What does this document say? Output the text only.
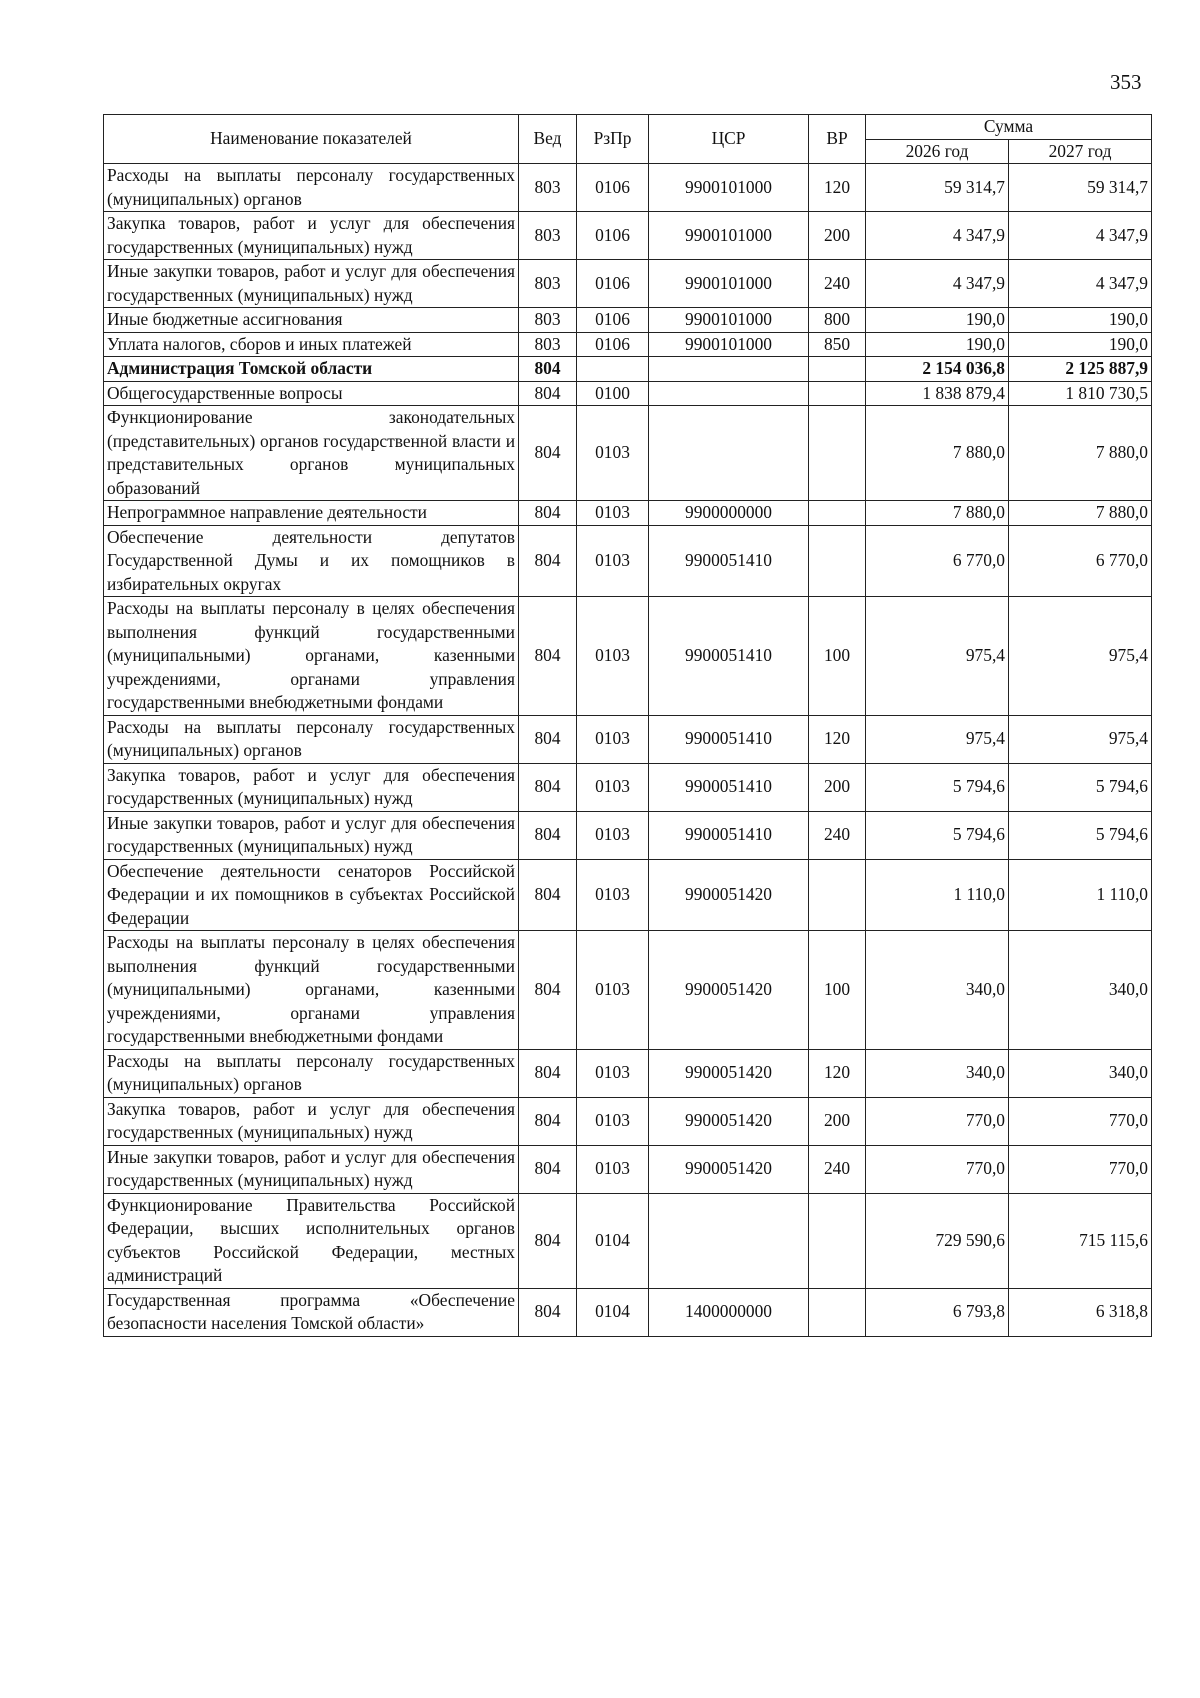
353
Наименование показателей	Вед	РзПр	ЦСР	ВР	Сумма	
					2026 год	2027 год
Расходы на выплаты персоналу государственных (муниципальных) органов	803	0106	9900101000	120	59 314,7	59 314,7
Закупка товаров, работ и услуг для обеспечения государственных (муниципальных) нужд	803	0106	9900101000	200	4 347,9	4 347,9
Иные закупки товаров, работ и услуг для обеспечения государственных (муниципальных) нужд	803	0106	9900101000	240	4 347,9	4 347,9
Иные бюджетные ассигнования	803	0106	9900101000	800	190,0	190,0
Уплата налогов, сборов и иных платежей	803	0106	9900101000	850	190,0	190,0
Администрация Томской области	804				2 154 036,8	2 125 887,9
Общегосударственные вопросы	804	0100			1 838 879,4	1 810 730,5
Функционирование законодательных (представительных) органов государственной власти и представительных органов муниципальных образований	804	0103			7 880,0	7 880,0
Непрограммное направление деятельности	804	0103	9900000000		7 880,0	7 880,0
Обеспечение деятельности депутатов Государственной Думы и их помощников в избирательных округах	804	0103	9900051410		6 770,0	6 770,0
Расходы на выплаты персоналу в целях обеспечения выполнения функций государственными (муниципальными) органами, казенными учреждениями, органами управления государственными внебюджетными фондами	804	0103	9900051410	100	975,4	975,4
Расходы на выплаты персоналу государственных (муниципальных) органов	804	0103	9900051410	120	975,4	975,4
Закупка товаров, работ и услуг для обеспечения государственных (муниципальных) нужд	804	0103	9900051410	200	5 794,6	5 794,6
Иные закупки товаров, работ и услуг для обеспечения государственных (муниципальных) нужд	804	0103	9900051410	240	5 794,6	5 794,6
Обеспечение деятельности сенаторов Российской Федерации и их помощников в субъектах Российской Федерации	804	0103	9900051420		1 110,0	1 110,0
Расходы на выплаты персоналу в целях обеспечения выполнения функций государственными (муниципальными) органами, казенными учреждениями, органами управления государственными внебюджетными фондами	804	0103	9900051420	100	340,0	340,0
Расходы на выплаты персоналу государственных (муниципальных) органов	804	0103	9900051420	120	340,0	340,0
Закупка товаров, работ и услуг для обеспечения государственных (муниципальных) нужд	804	0103	9900051420	200	770,0	770,0
Иные закупки товаров, работ и услуг для обеспечения государственных (муниципальных) нужд	804	0103	9900051420	240	770,0	770,0
Функционирование Правительства Российской Федерации, высших исполнительных органов субъектов Российской Федерации, местных администраций	804	0104			729 590,6	715 115,6
Государственная программа «Обеспечение безопасности населения Томской области»	804	0104	1400000000		6 793,8	6 318,8
